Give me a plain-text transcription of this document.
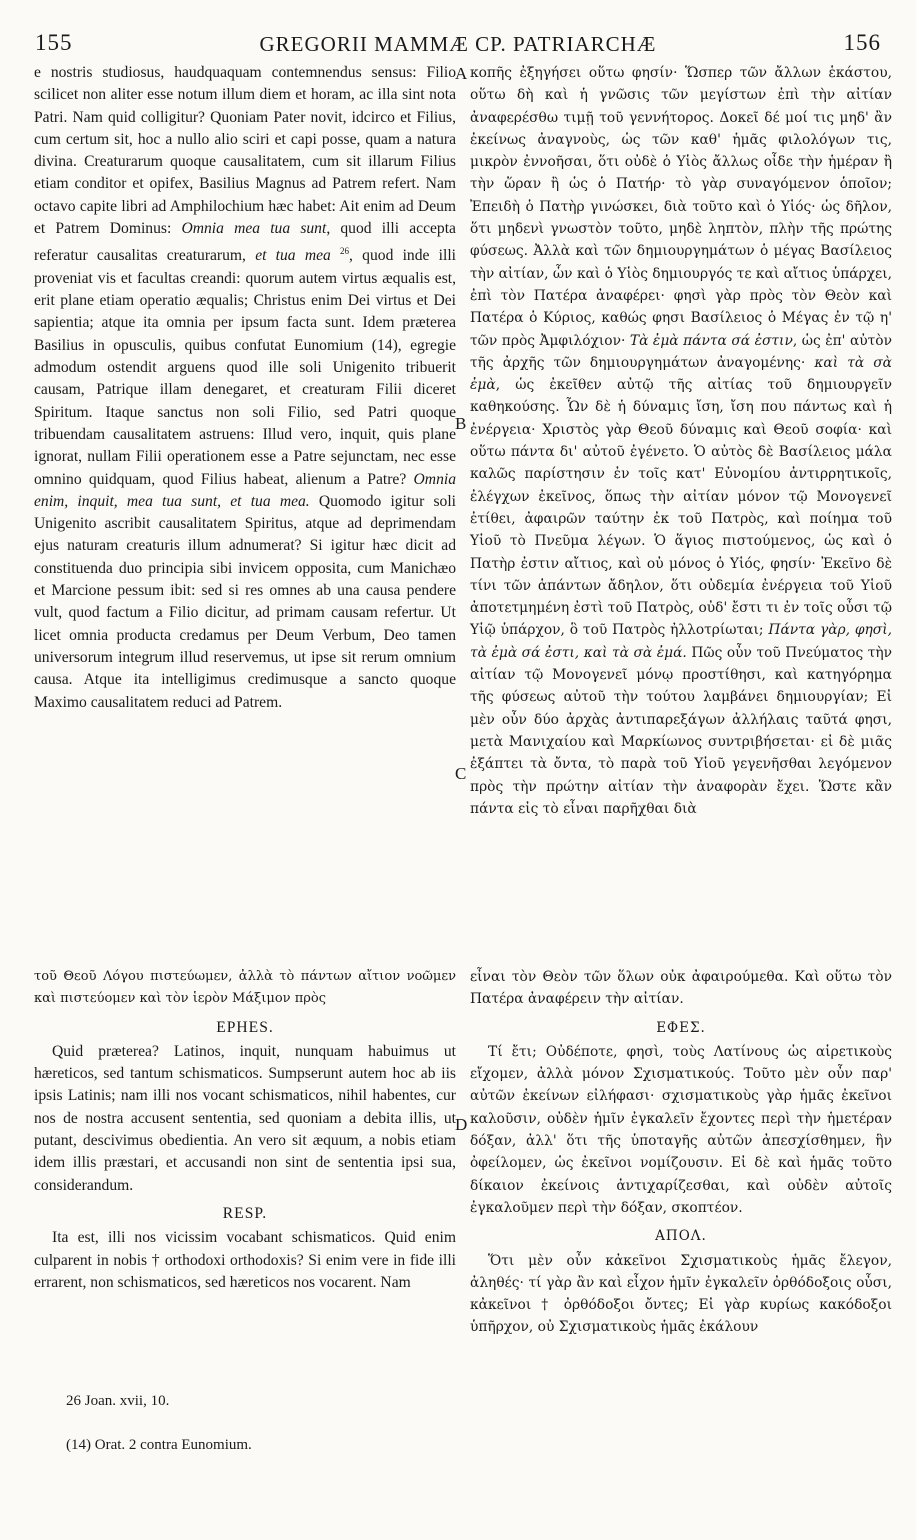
155	GREGORII MAMMÆ CP. PATRIARCHÆ	156

e nostris studiosus, haudquaquam contemnendus sensus: Filio scilicet non aliter esse notum illum diem et horam, ac illa sint nota Patri. Nam quid colligitur? Quoniam Pater novit, idcirco et Filius, cum certum sit, hoc a nullo alio sciri et capi posse, quam a natura divina. Creaturarum quoque causalitatem, cum sit illarum Filius etiam conditor et opifex, Basilius Magnus ad Patrem refert. Nam octavo capite libri ad Amphilochium hæc habet: Ait enim ad Deum et Patrem Dominus: Omnia mea tua sunt, quod illi accepta referatur causalitas creaturarum, et tua mea $^{26}$, quod inde illi proveniat vis et facultas creandi: quorum autem virtus æqualis est, erit plane etiam operatio æqualis; Christus enim Dei virtus et Dei sapientia; atque ita omnia per ipsum facta sunt. Idem præterea Basilius in opusculis, quibus confutat Eunomium (14), egregie admodum ostendit arguens quod ille soli Unigenito tribuerit causam, Patrique illam denegaret, et creaturam Filii diceret Spiritum. Itaque sanctus non soli Filio, sed Patri quoque tribuendam causalitatem astruens: Illud vero, inquit, quis plane ignorat, nullam Filii operationem esse a Patre sejunctam, nec esse omnino quidquam, quod Filius habeat, alienum a Patre? Omnia enim, inquit, mea tua sunt, et tua mea. Quomodo igitur soli Unigenito ascribit causalitatem Spiritus, atque ad deprimendam ejus naturam creaturis illum adnumerat? Si igitur hæc dicit ad constituenda duo principia sibi invicem opposita, cum Manichæo et Marcione pessum ibit: sed si res omnes ab una causa pendere vult, quod factum a Filio dicitur, ad primam causam refertur. Ut licet omnia producta credamus per Deum Verbum, Deo tamen universorum integrum illud reservemus, ut ipse sit rerum omnium causa. Atque ita intelligimus credimusque a sancto quoque Maximo causalitatem reduci ad Patrem.

κοπῆς ἐξηγήσει οὕτω φησίν· Ὥσπερ τῶν ἄλλων ἑκάστου, οὕτω δὴ καὶ ἡ γνῶσις τῶν μεγίστων ἐπὶ τὴν αἰτίαν ἀναφερέσθω τιμῇ τοῦ γεννήτορος. Δοκεῖ δέ μοί τις μηδ' ἂν ἐκείνως ἀναγνοὺς, ὡς τῶν καθ' ἡμᾶς φιλολόγων τις, μικρὸν ἐννοῆσαι, ὅτι οὐδὲ ὁ Υἱὸς ἄλλως οἶδε τὴν ἡμέραν ἢ τὴν ὥραν ἢ ὡς ὁ Πατήρ· τὸ γὰρ συναγόμενον ὁποῖον; Ἐπειδὴ ὁ Πατὴρ γινώσκει, διὰ τοῦτο καὶ ὁ Υἱός· ὡς δῆλον, ὅτι μηδενὶ γνωστὸν τοῦτο, μηδὲ ληπτὸν, πλὴν τῆς πρώτης φύσεως. Ἀλλὰ καὶ τῶν δημιουργημάτων ὁ μέγας Βασίλειος τὴν αἰτίαν, ὧν καὶ ὁ Υἱὸς δημιουργός τε καὶ αἴτιος ὑπάρχει, ἐπὶ τὸν Πατέρα ἀναφέρει· φησὶ γὰρ πρὸς τὸν Θεὸν καὶ Πατέρα ὁ Κύριος, καθώς φησι Βασίλειος ὁ Μέγας ἐν τῷ η' τῶν πρὸς Ἀμφιλόχιον· Τὰ ἐμὰ πάντα σά ἐστιν, ὡς ἐπ' αὐτὸν τῆς ἀρχῆς τῶν δημιουργημάτων ἀναγομένης· καὶ τὰ σὰ ἐμὰ, ὡς ἐκεῖθεν αὐτῷ τῆς αἰτίας τοῦ δημιουργεῖν καθηκούσης. Ὧν δὲ ἡ δύναμις ἴση, ἴση που πάντως καὶ ἡ ἐνέργεια· Χριστὸς γὰρ Θεοῦ δύναμις καὶ Θεοῦ σοφία· καὶ οὕτω πάντα δι' αὐτοῦ ἐγένετο. Ὁ αὐτὸς δὲ Βασίλειος μάλα καλῶς παρίστησιν ἐν τοῖς κατ' Εὐνομίου ἀντιρρητικοῖς, ἐλέγχων ἐκεῖνος, ὅπως τὴν αἰτίαν μόνον τῷ Μονογενεῖ ἐτίθει, ἀφαιρῶν ταύτην ἐκ τοῦ Πατρὸς, καὶ ποίημα τοῦ Υἱοῦ τὸ Πνεῦμα λέγων. Ὁ ἅγιος πιστούμενος, ὡς καὶ ὁ Πατὴρ ἐστιν αἴτιος, καὶ οὐ μόνος ὁ Υἱός, φησίν· Ἐκεῖνο δὲ τίνι τῶν ἁπάντων ἄδηλον, ὅτι οὐδεμία ἐνέργεια τοῦ Υἱοῦ ἀποτετμημένη ἐστὶ τοῦ Πατρὸς, οὐδ' ἔστι τι ἐν τοῖς οὖσι τῷ Υἱῷ ὑπάρχον, ὃ τοῦ Πατρὸς ἠλλοτρίωται; Πάντα γὰρ, φησὶ, τὰ ἐμὰ σά ἐστι, καὶ τὰ σὰ ἐμά. Πῶς οὖν τοῦ Πνεύματος τὴν αἰτίαν τῷ Μονογενεῖ μόνῳ προστίθησι, καὶ κατηγόρημα τῆς φύσεως αὐτοῦ τὴν τούτου λαμβάνει δημιουργίαν; Εἰ μὲν οὖν δύο ἀρχὰς ἀντιπαρεξάγων ἀλλήλαις ταῦτά φησι, μετὰ Μανιχαίου καὶ Μαρκίωνος συντριβήσεται· εἰ δὲ μιᾶς ἐξάπτει τὰ ὄντα, τὸ παρὰ τοῦ Υἱοῦ γεγενῆσθαι λεγόμενον πρὸς τὴν πρώτην αἰτίαν τὴν ἀναφορὰν ἔχει. Ὥστε κἂν πάντα εἰς τὸ εἶναι παρῆχθαι διὰ

A
B
C
D

τοῦ Θεοῦ Λόγου πιστεύωμεν, ἀλλὰ τὸ πάντων αἴτιον νοῶμεν καὶ πιστεύομεν καὶ τὸν ἱερὸν Μάξιμον πρὸς

EPHES.

Quid præterea? Latinos, inquit, nunquam habuimus ut hæreticos, sed tantum schismaticos. Sumpserunt autem hoc ab iis ipsis Latinis; nam illi nos vocant schismaticos, nihil habentes, cur nos de nostra accusent sententia, sed quoniam a debita illis, ut putant, descivimus obedientia. An vero sit æquum, a nobis etiam idem illis præstari, et accusandi non sint de sententia ipsi sua, considerandum.

RESP.

Ita est, illi nos vicissim vocabant schismaticos. Quid enim culparent in nobis † orthodoxi orthodoxis? Si enim vere in fide illi errarent, non schismaticos, sed hæreticos nos vocarent. Nam

εἶναι τὸν Θεὸν τῶν ὅλων οὐκ ἀφαιρούμεθα. Καὶ οὕτω τὸν Πατέρα ἀναφέρειν τὴν αἰτίαν.

ΕΦΕΣ.

Τί ἔτι; Οὐδέποτε, φησὶ, τοὺς Λατίνους ὡς αἱρετικοὺς εἴχομεν, ἀλλὰ μόνον Σχισματικούς. Τοῦτο μὲν οὖν παρ' αὐτῶν ἐκείνων εἰλήφασι· σχισματικοὺς γὰρ ἡμᾶς ἐκεῖνοι καλοῦσιν, οὐδὲν ἡμῖν ἐγκαλεῖν ἔχοντες περὶ τὴν ἡμετέραν δόξαν, ἀλλ' ὅτι τῆς ὑποταγῆς αὐτῶν ἀπεσχίσθημεν, ἣν ὀφείλομεν, ὡς ἐκεῖνοι νομίζουσιν. Εἰ δὲ καὶ ἡμᾶς τοῦτο δίκαιον ἐκείνοις ἀντιχαρίζεσθαι, καὶ οὐδὲν αὐτοῖς ἐγκαλοῦμεν περὶ τὴν δόξαν, σκοπτέον.

ΑΠΟΛ.

Ὅτι μὲν οὖν κἀκεῖνοι Σχισματικοὺς ἡμᾶς ἔλεγον, ἀληθές· τί γὰρ ἂν καὶ εἶχον ἡμῖν ἐγκαλεῖν ὀρθόδοξοις οὖσι, κἀκεῖνοι † ὀρθόδοξοι ὄντες; Εἰ γὰρ κυρίως κακόδοξοι ὑπῆρχον, οὐ Σχισματικοὺς ἡμᾶς ἐκάλουν

26 Joan. xvii, 10.
(14) Orat. 2 contra Eunomium.
